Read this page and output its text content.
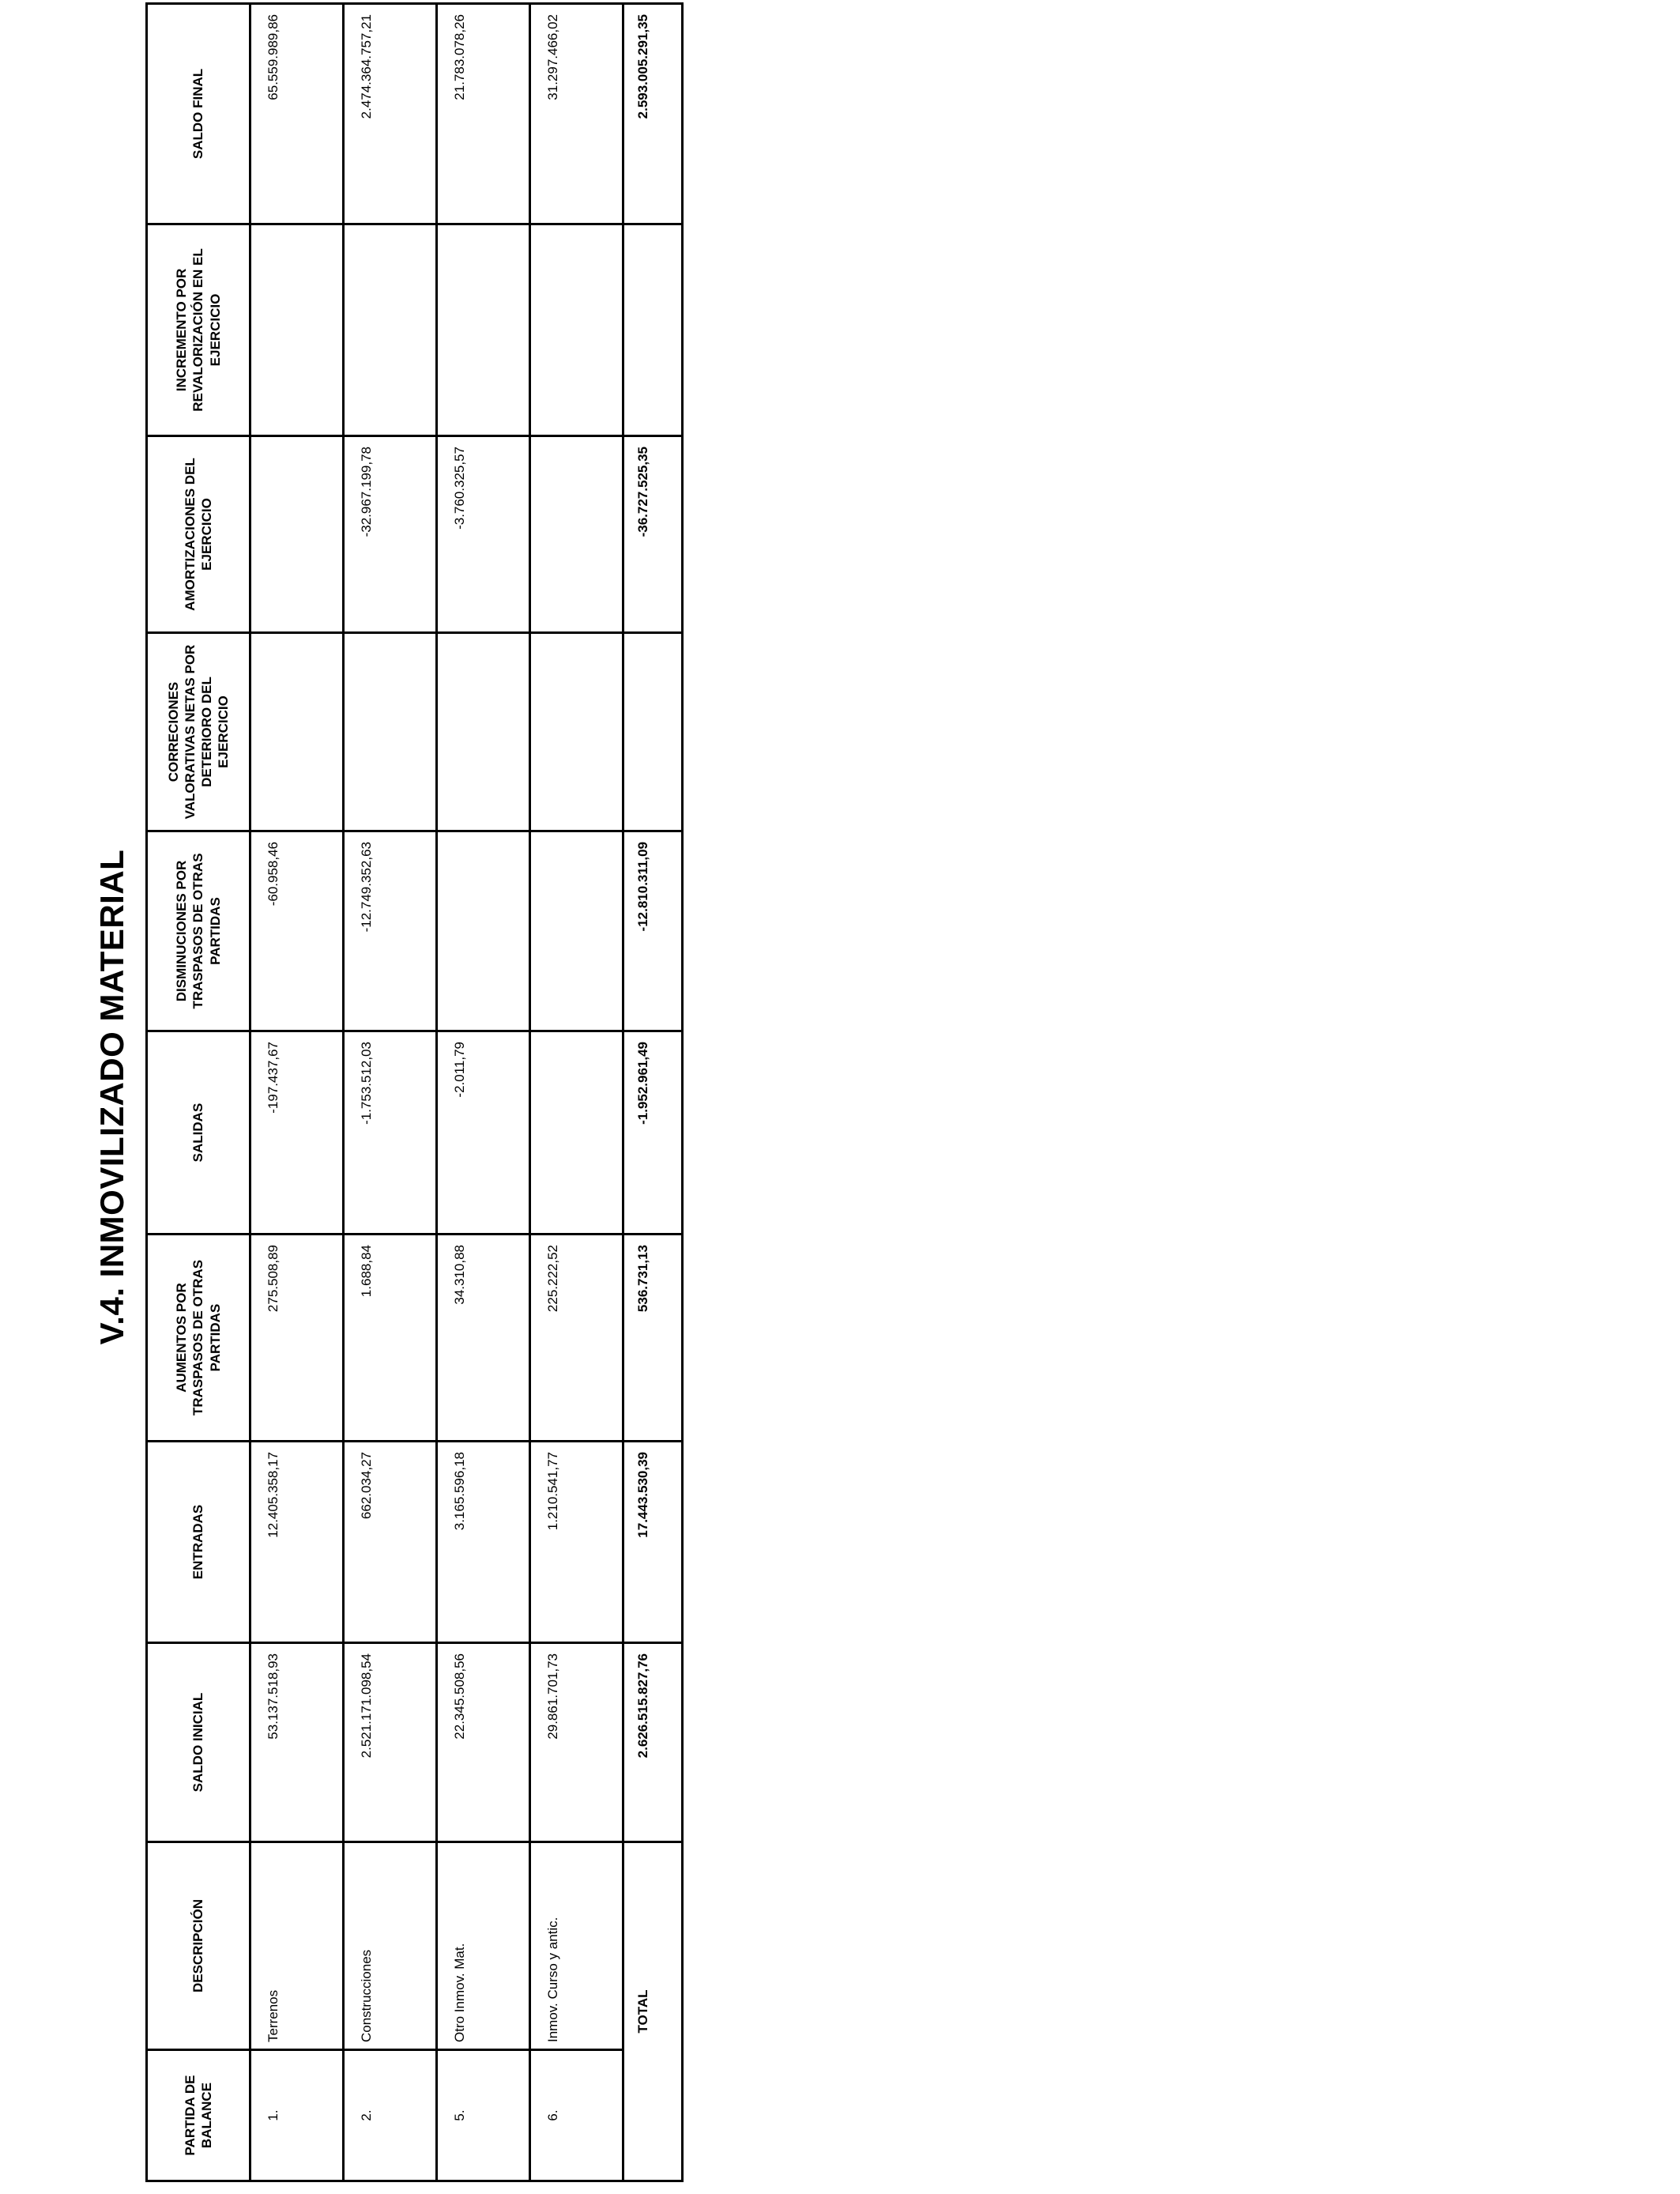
V.4. INMOVILIZADO MATERIAL
PARTIDA DE BALANCE	DESCRIPCIÓN	SALDO INICIAL	ENTRADAS	AUMENTOS POR TRASPASOS DE OTRAS PARTIDAS	SALIDAS	DISMINUCIONES POR TRASPASOS DE OTRAS PARTIDAS	CORRECIONES VALORATIVAS NETAS POR DETERIORO DEL EJERCICIO	AMORTIZACIONES DEL EJERCICIO	INCREMENTO POR REVALORIZACIÓN EN EL EJERCICIO	SALDO FINAL
1.	Terrenos	53.137.518,93	12.405.358,17	275.508,89	-197.437,67	-60.958,46				65.559.989,86
2.	Construcciones	2.521.171.098,54	662.034,27	1.688,84	-1.753.512,03	-12.749.352,63		-32.967.199,78		2.474.364.757,21
5.	Otro Inmov. Mat.	22.345.508,56	3.165.596,18	34.310,88	-2.011,79			-3.760.325,57		21.783.078,26
6.	Inmov. Curso y antic.	29.861.701,73	1.210.541,77	225.222,52						31.297.466,02
TOTAL		2.626.515.827,76	17.443.530,39	536.731,13	-1.952.961,49	-12.810.311,09		-36.727.525,35		2.593.005.291,35
